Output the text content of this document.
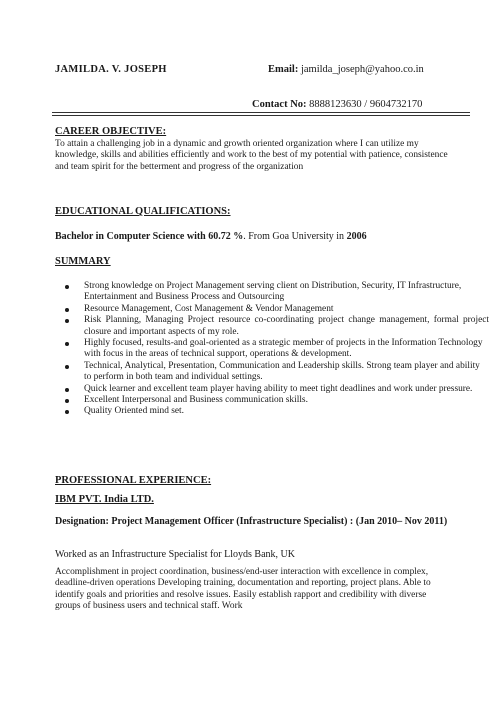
JAMILDA. V. JOSEPH	Email: jamilda_joseph@yahoo.co.in
Contact No: 8888123630 / 9604732170
CAREER OBJECTIVE:
To attain a challenging job in a dynamic and growth oriented organization where I can utilize my knowledge, skills and abilities efficiently and work to the best of my potential with patience, consistence and team spirit for the betterment and progress of the organization
EDUCATIONAL QUALIFICATIONS:
Bachelor in Computer Science with 60.72 %. From Goa University in 2006
SUMMARY
Strong knowledge on Project Management serving client on Distribution, Security, IT Infrastructure, Entertainment and Business Process and Outsourcing
Resource Management, Cost Management & Vendor Management
Risk Planning, Managing Project resource co-coordinating project change management, formal project closure and important aspects of my role.
Highly focused, results-and goal-oriented as a strategic member of projects in the Information Technology with focus in the areas of technical support, operations & development.
Technical, Analytical, Presentation, Communication and Leadership skills. Strong team player and ability to perform in both team and individual settings.
Quick learner and excellent team player having ability to meet tight deadlines and work under pressure.
Excellent Interpersonal and Business communication skills.
Quality Oriented mind set.
PROFESSIONAL EXPERIENCE:
IBM PVT. India LTD.
Designation: Project Management Officer (Infrastructure Specialist) : (Jan 2010– Nov 2011)
Worked as an Infrastructure Specialist for Lloyds Bank, UK
Accomplishment in project coordination, business/end-user interaction with excellence in complex, deadline-driven operations Developing training, documentation and reporting, project plans. Able to identify goals and priorities and resolve issues. Easily establish rapport and credibility with diverse groups of business users and technical staff. Work
